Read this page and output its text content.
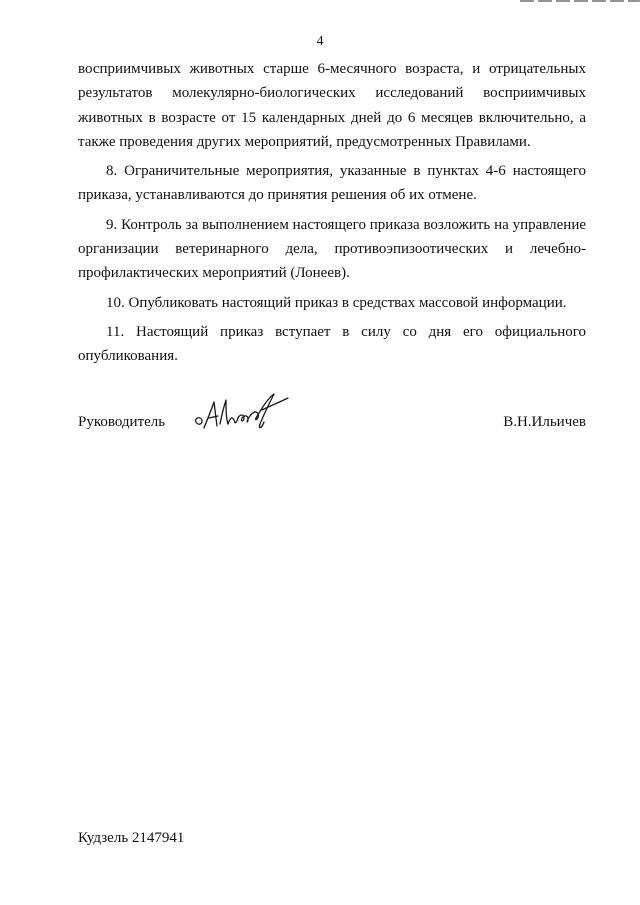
4

восприимчивых животных старше 6-месячного возраста, и отрицательных результатов молекулярно-биологических исследований восприимчивых животных в возрасте от 15 календарных дней до 6 месяцев включительно, а также проведения других мероприятий, предусмотренных Правилами.

8. Ограничительные мероприятия, указанные в пунктах 4-6 настоящего приказа, устанавливаются до принятия решения об их отмене.

9. Контроль за выполнением настоящего приказа возложить на управление организации ветеринарного дела, противоэпизоотических и лечебно-профилактических мероприятий (Лонеев).

10. Опубликовать настоящий приказ в средствах массовой информации.

11. Настоящий приказ вступает в силу со дня его официального опубликования.

Руководитель	В.Н.Ильичев
Кудзель 2147941
